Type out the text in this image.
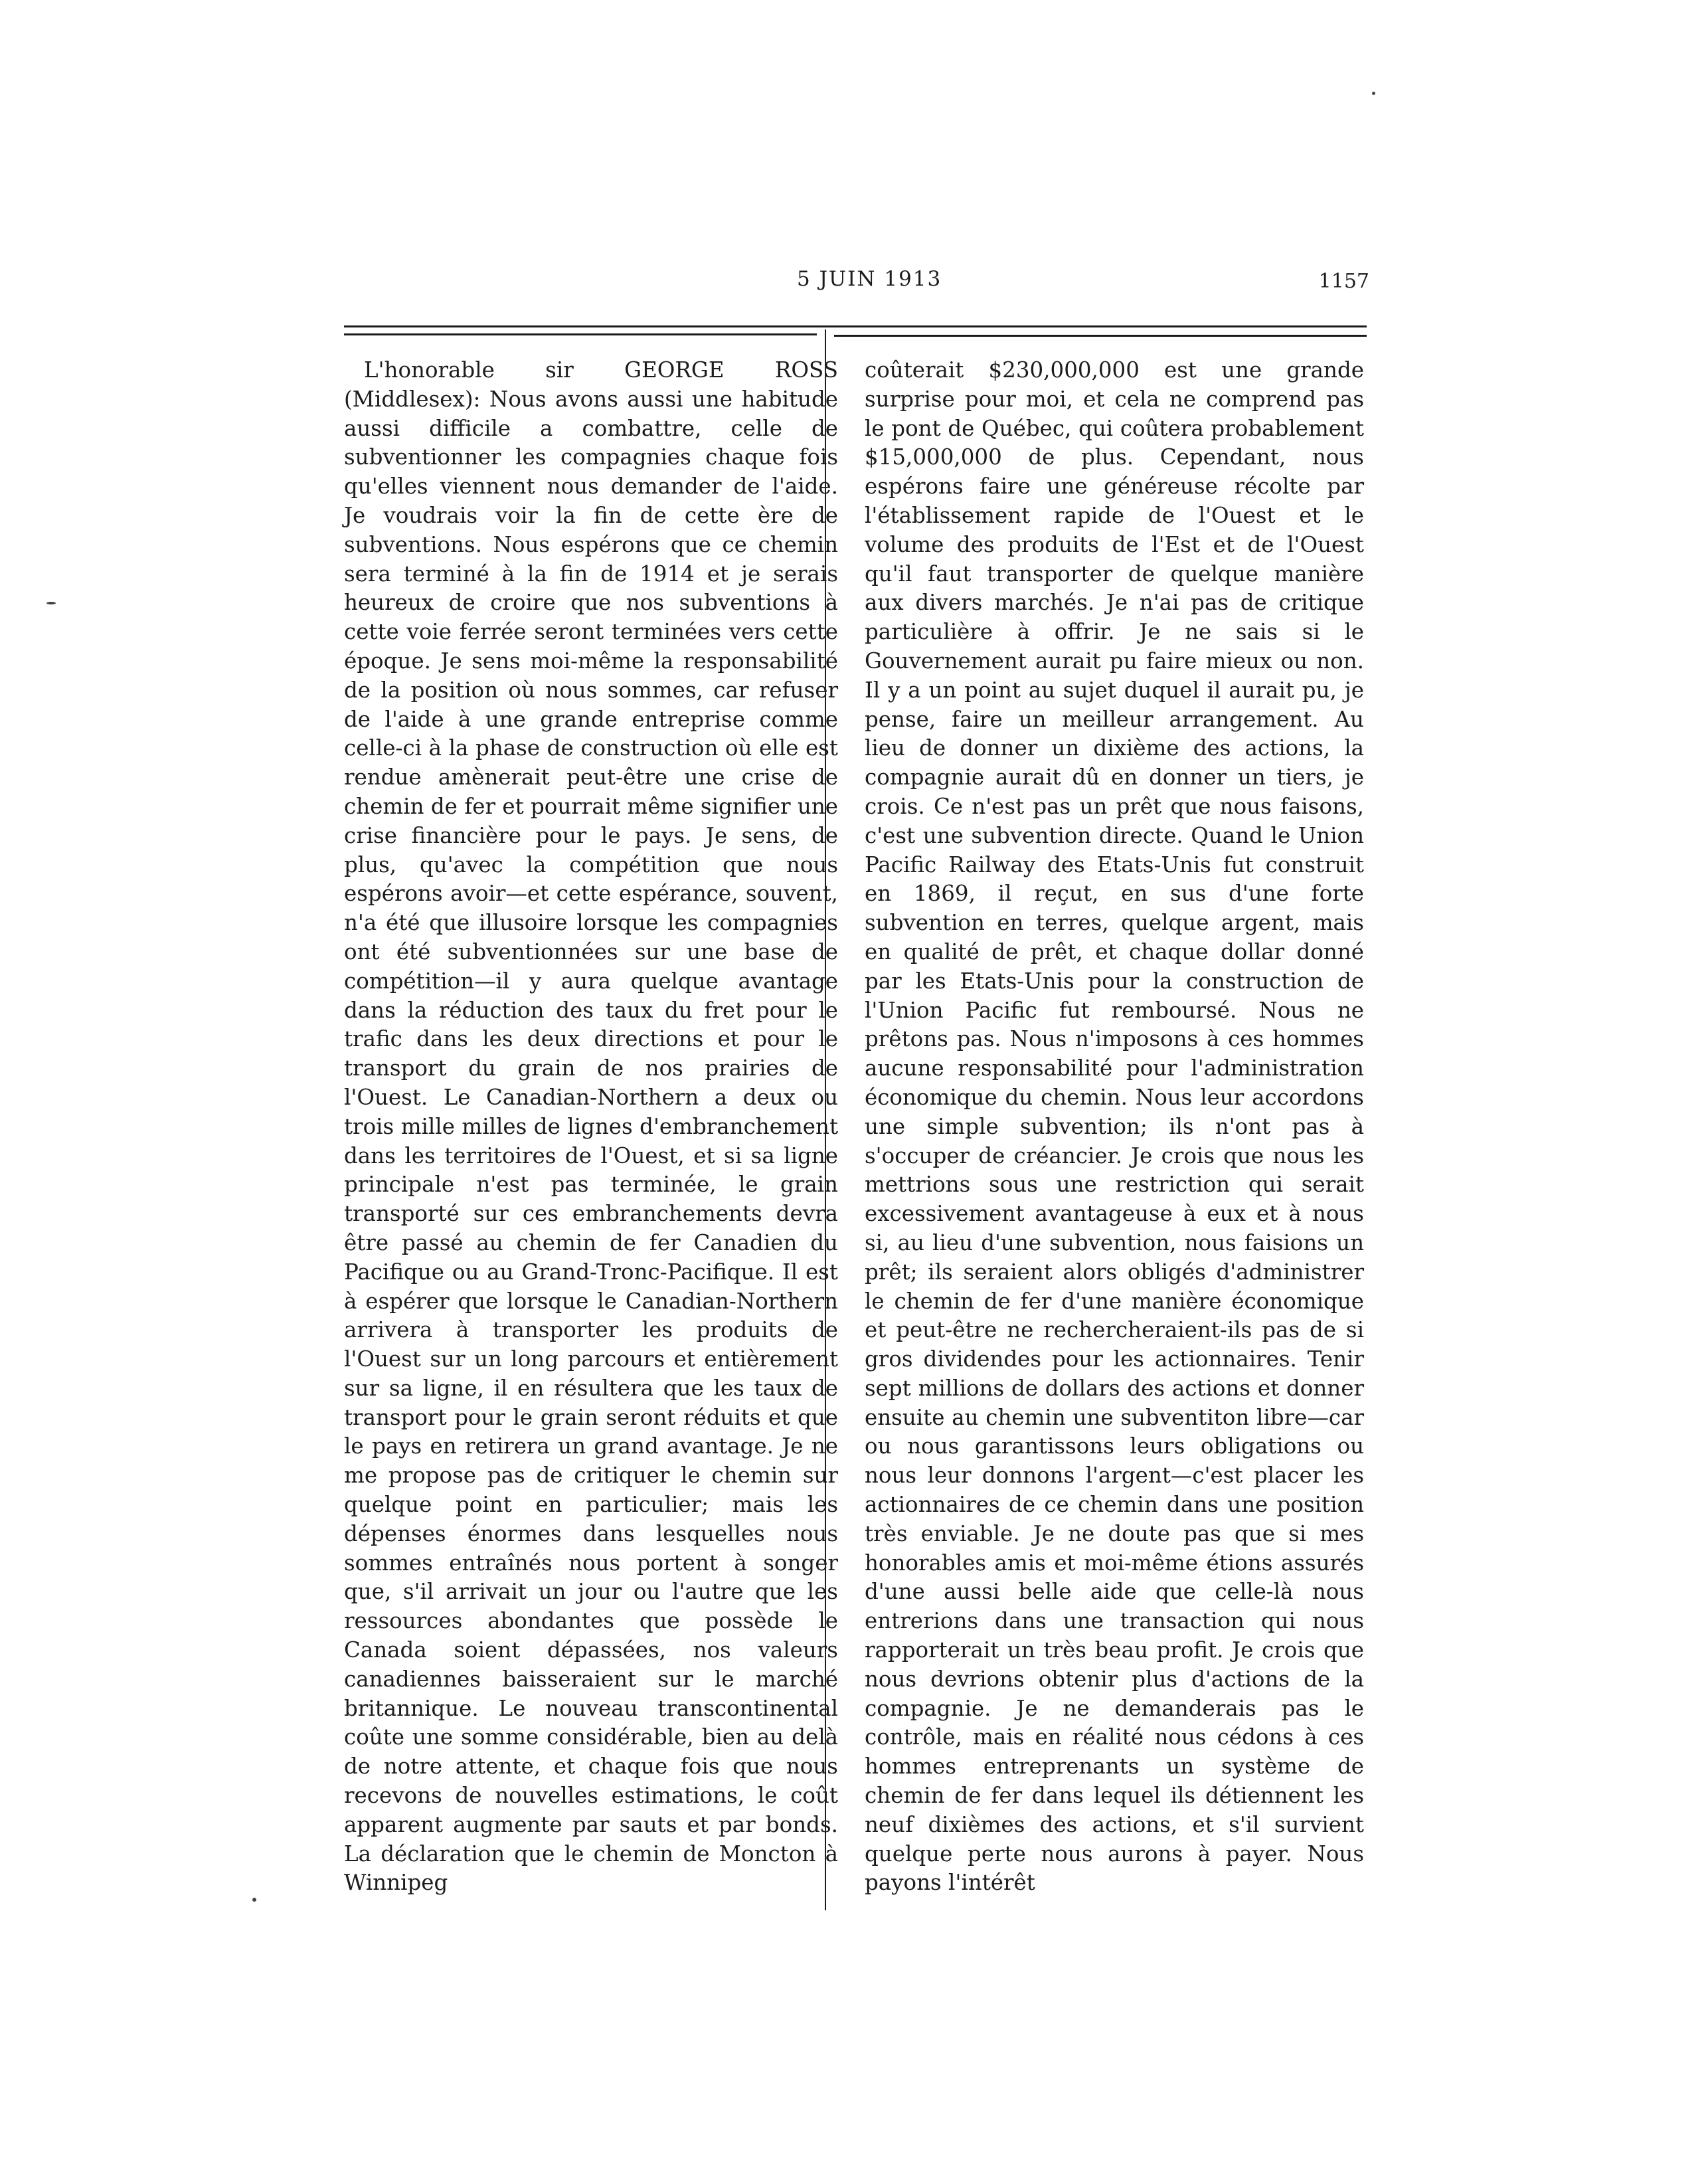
5 JUIN 1913	1157

L'honorable sir GEORGE ROSS (Middlesex): Nous avons aussi une habitude aussi difficile a combattre, celle de subventionner les compagnies chaque fois qu'elles viennent nous demander de l'aide. Je voudrais voir la fin de cette ère de subventions. Nous espérons que ce chemin sera terminé à la fin de 1914 et je serais heureux de croire que nos subventions à cette voie ferrée seront terminées vers cette époque. Je sens moi-même la responsabilité de la position où nous sommes, car refuser de l'aide à une grande entreprise comme celle-ci à la phase de construction où elle est rendue amènerait peut-être une crise de chemin de fer et pourrait même signifier une crise financière pour le pays. Je sens, de plus, qu'avec la compétition que nous espérons avoir—et cette espérance, souvent, n'a été que illusoire lorsque les compagnies ont été subventionnées sur une base de compétition—il y aura quelque avantage dans la réduction des taux du fret pour le trafic dans les deux directions et pour le transport du grain de nos prairies de l'Ouest. Le Canadian-Northern a deux ou trois mille milles de lignes d'embranchement dans les territoires de l'Ouest, et si sa ligne principale n'est pas terminée, le grain transporté sur ces embranchements devra être passé au chemin de fer Canadien du Pacifique ou au Grand-Tronc-Pacifique. Il est à espérer que lorsque le Canadian-Northern arrivera à transporter les produits de l'Ouest sur un long parcours et entièrement sur sa ligne, il en résultera que les taux de transport pour le grain seront réduits et que le pays en retirera un grand avantage. Je ne me propose pas de critiquer le chemin sur quelque point en particulier; mais les dépenses énormes dans lesquelles nous sommes entraînés nous portent à songer que, s'il arrivait un jour ou l'autre que les ressources abondantes que possède le Canada soient dépassées, nos valeurs canadiennes baisseraient sur le marché britannique. Le nouveau transcontinental coûte une somme considérable, bien au delà de notre attente, et chaque fois que nous recevons de nouvelles estimations, le coût apparent augmente par sauts et par bonds. La déclaration que le chemin de Moncton à Winnipeg

coûterait $230,000,000 est une grande surprise pour moi, et cela ne comprend pas le pont de Québec, qui coûtera probablement $15,000,000 de plus. Cependant, nous espérons faire une généreuse récolte par l'établissement rapide de l'Ouest et le volume des produits de l'Est et de l'Ouest qu'il faut transporter de quelque manière aux divers marchés. Je n'ai pas de critique particulière à offrir. Je ne sais si le Gouvernement aurait pu faire mieux ou non. Il y a un point au sujet duquel il aurait pu, je pense, faire un meilleur arrangement. Au lieu de donner un dixième des actions, la compagnie aurait dû en donner un tiers, je crois. Ce n'est pas un prêt que nous faisons, c'est une subvention directe. Quand le Union Pacific Railway des Etats-Unis fut construit en 1869, il reçut, en sus d'une forte subvention en terres, quelque argent, mais en qualité de prêt, et chaque dollar donné par les Etats-Unis pour la construction de l'Union Pacific fut remboursé. Nous ne prêtons pas. Nous n'imposons à ces hommes aucune responsabilité pour l'administration économique du chemin. Nous leur accordons une simple subvention; ils n'ont pas à s'occuper de créancier. Je crois que nous les mettrions sous une restriction qui serait excessivement avantageuse à eux et à nous si, au lieu d'une subvention, nous faisions un prêt; ils seraient alors obligés d'administrer le chemin de fer d'une manière économique et peut-être ne rechercheraient-ils pas de si gros dividendes pour les actionnaires. Tenir sept millions de dollars des actions et donner ensuite au chemin une subventiton libre—car ou nous garantissons leurs obligations ou nous leur donnons l'argent—c'est placer les actionnaires de ce chemin dans une position très enviable. Je ne doute pas que si mes honorables amis et moi-même étions assurés d'une aussi belle aide que celle-là nous entrerions dans une transaction qui nous rapporterait un très beau profit. Je crois que nous devrions obtenir plus d'actions de la compagnie. Je ne demanderais pas le contrôle, mais en réalité nous cédons à ces hommes entreprenants un système de chemin de fer dans lequel ils détiennent les neuf dixièmes des actions, et s'il survient quelque perte nous aurons à payer. Nous payons l'intérêt
